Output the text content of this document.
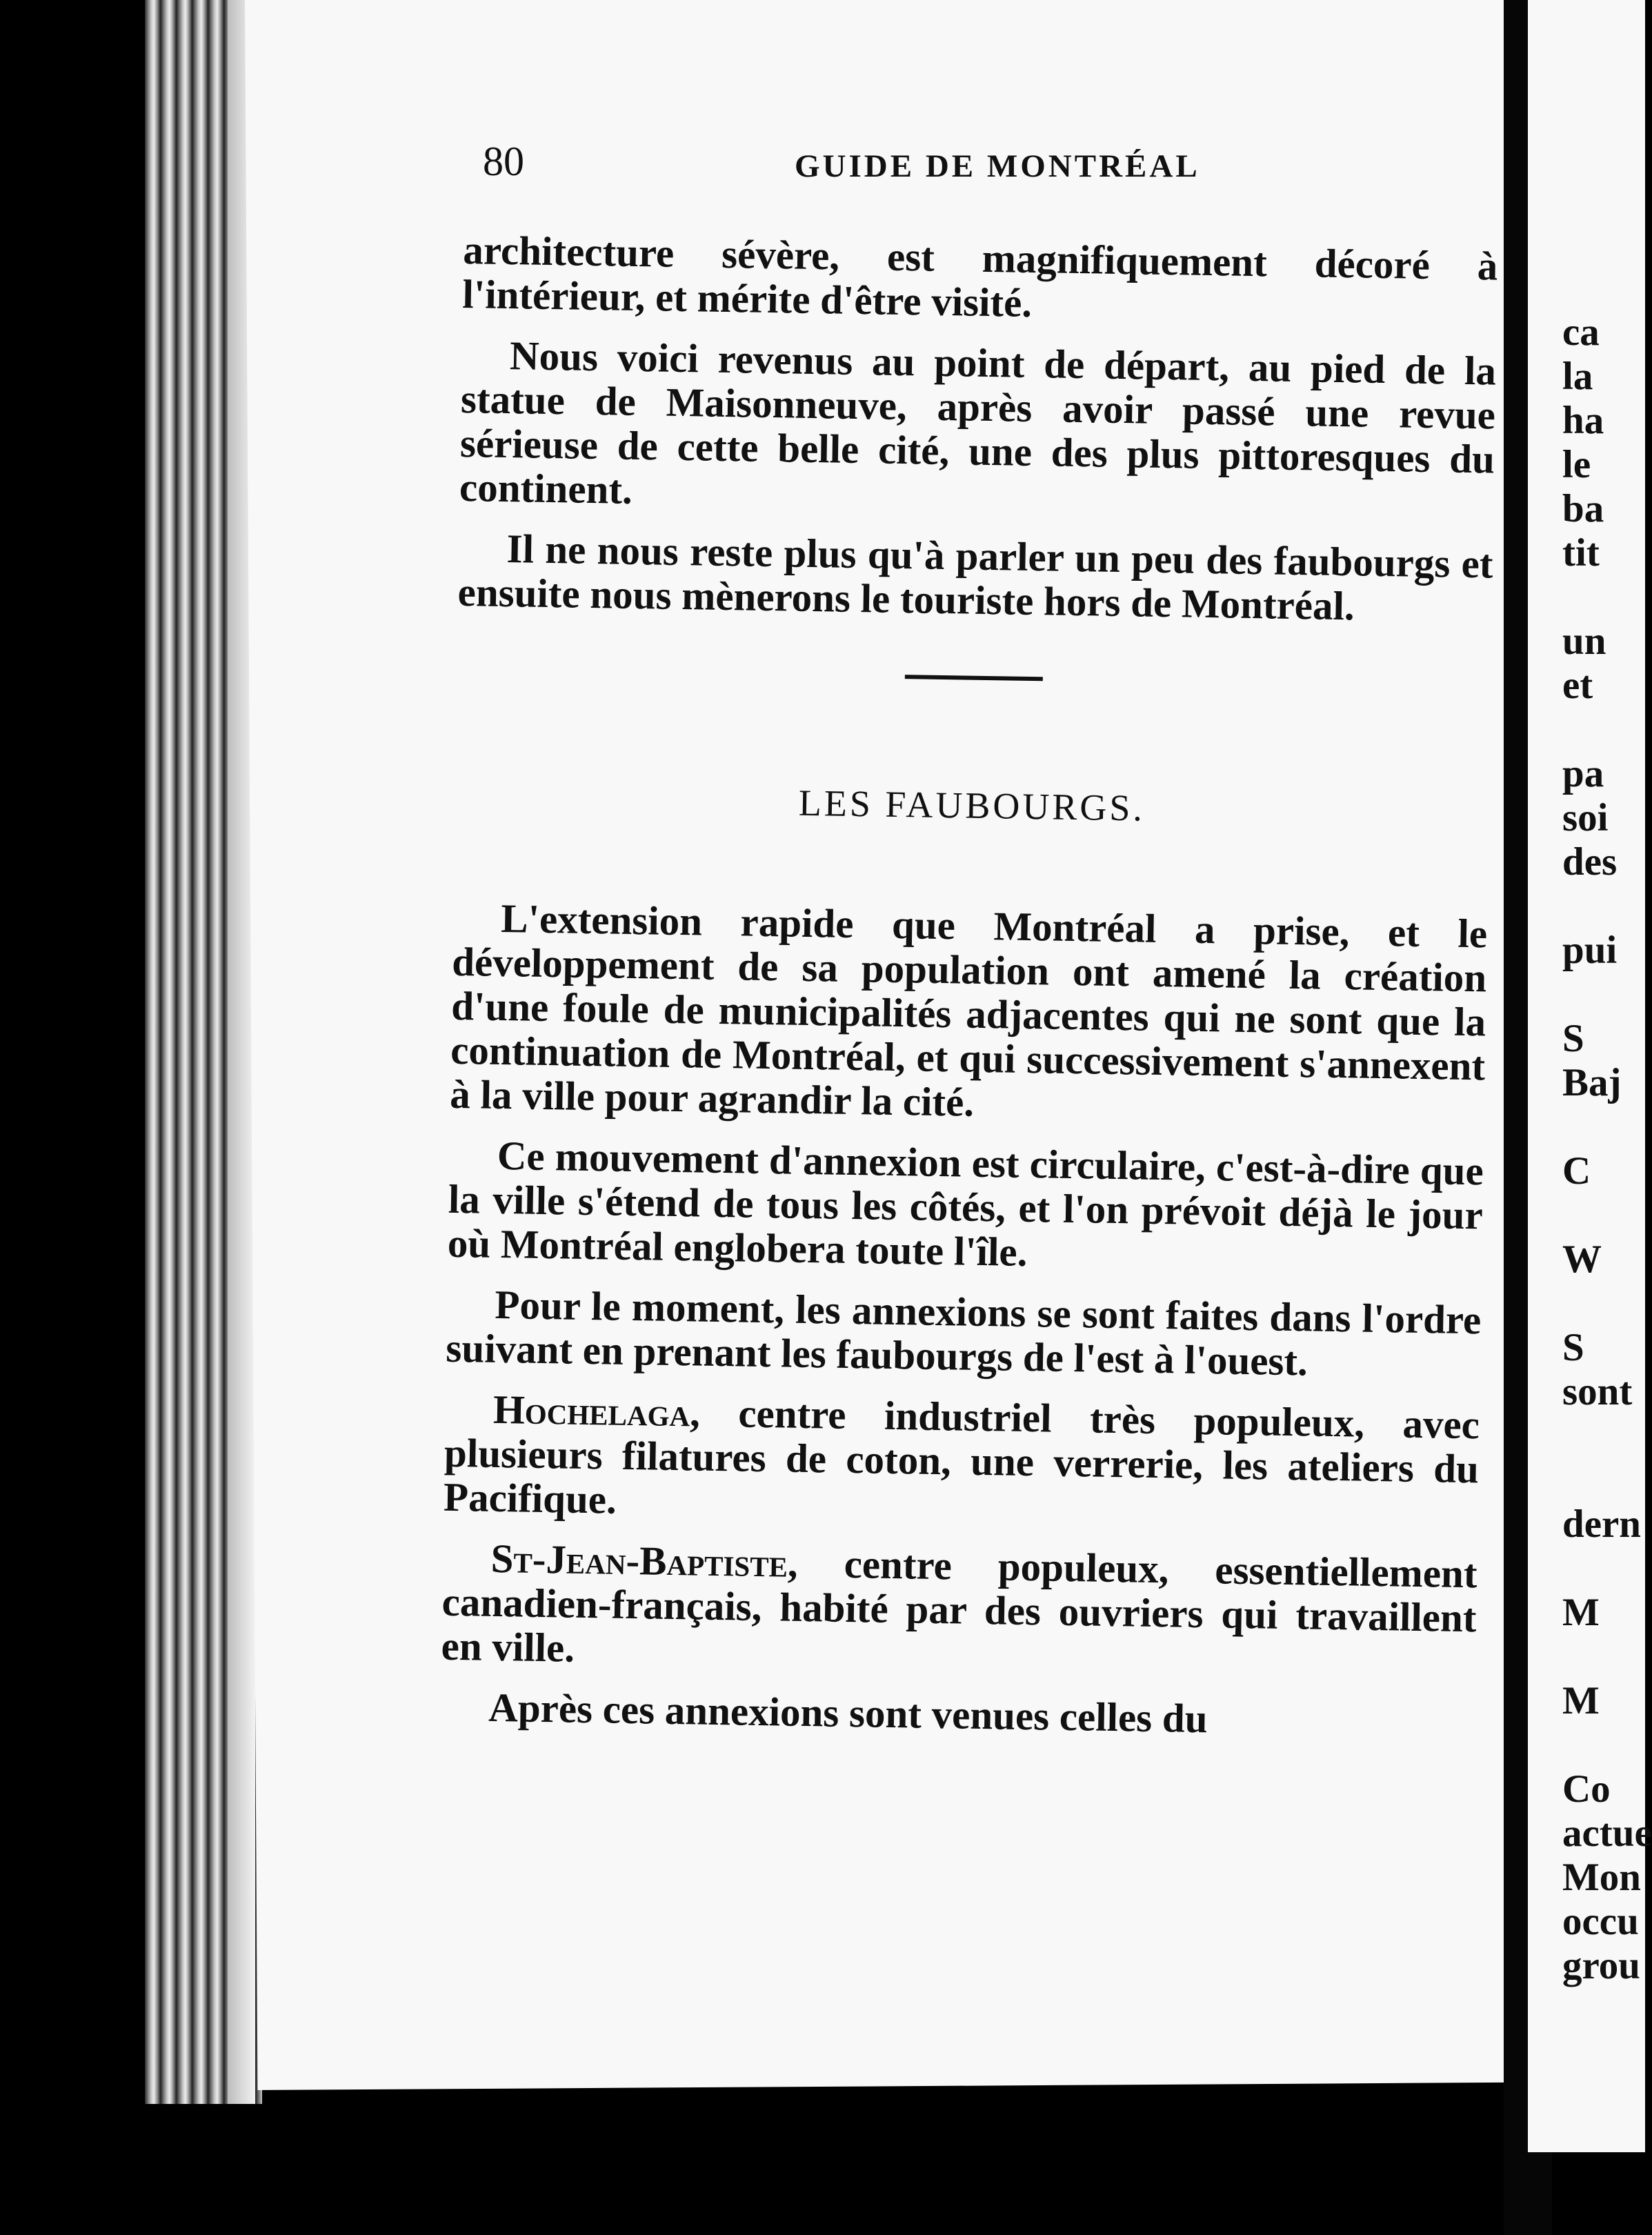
80	GUIDE DE MONTRÉAL

architecture sévère, est magnifiquement décoré à l'intérieur, et mérite d'être visité.

Nous voici revenus au point de départ, au pied de la statue de Maisonneuve, après avoir passé une revue sérieuse de cette belle cité, une des plus pittoresques du continent.

Il ne nous reste plus qu'à parler un peu des faubourgs et ensuite nous mènerons le touriste hors de Montréal.

LES FAUBOURGS.

L'extension rapide que Montréal a prise, et le développement de sa population ont amené la création d'une foule de municipalités adjacentes qui ne sont que la continuation de Montréal, et qui successivement s'annexent à la ville pour agrandir la cité.

Ce mouvement d'annexion est circulaire, c'est-à-dire que la ville s'étend de tous les côtés, et l'on prévoit déjà le jour où Montréal englobera toute l'île.

Pour le moment, les annexions se sont faites dans l'ordre suivant en prenant les faubourgs de l'est à l'ouest.

Hochelaga, centre industriel très populeux, avec plusieurs filatures de coton, une verrerie, les ateliers du Pacifique.

St-Jean-Baptiste, centre populeux, essentiellement canadien-français, habité par des ouvriers qui travaillent en ville.

Après ces annexions sont venues celles du

ca
la
ha
le
ba
tit
un
et
pa
soi
des
pui
S
Baj
C
W
S
sont
dern
M
M
Co
actue
Mon
occu
grou
